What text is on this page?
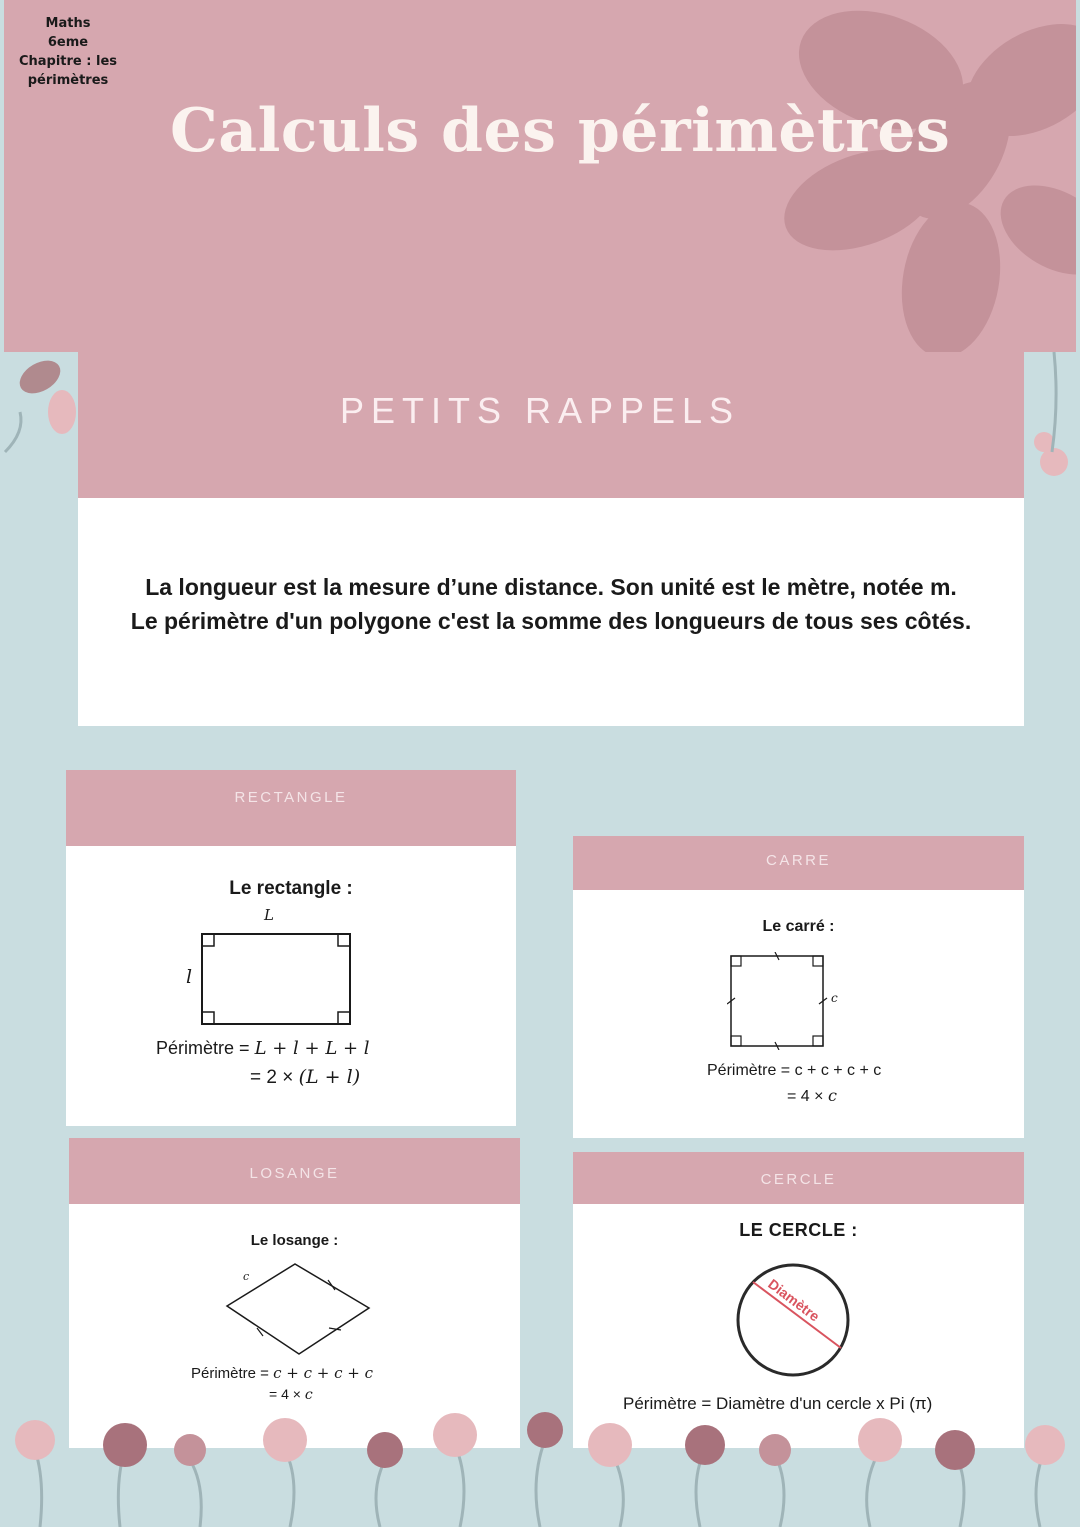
Maths
6eme
Chapitre : les
périmètres
Calculs des périmètres
PETITS RAPPELS
La longueur est la mesure d’une distance. Son unité est le mètre, notée m.
Le périmètre d'un polygone c'est la somme des longueurs de tous ses côtés.
RECTANGLE
Le rectangle :
L
l
Périmètre = L + l + L + l
= 2 × (L + l)
CARRE
Le carré :
c
Périmètre = c + c + c + c
= 4 × c
LOSANGE
Le losange :
c
Périmètre = c + c + c + c
= 4 × c
CERCLE
LE CERCLE :
Diamètre
Périmètre = Diamètre d'un cercle x Pi (π)
